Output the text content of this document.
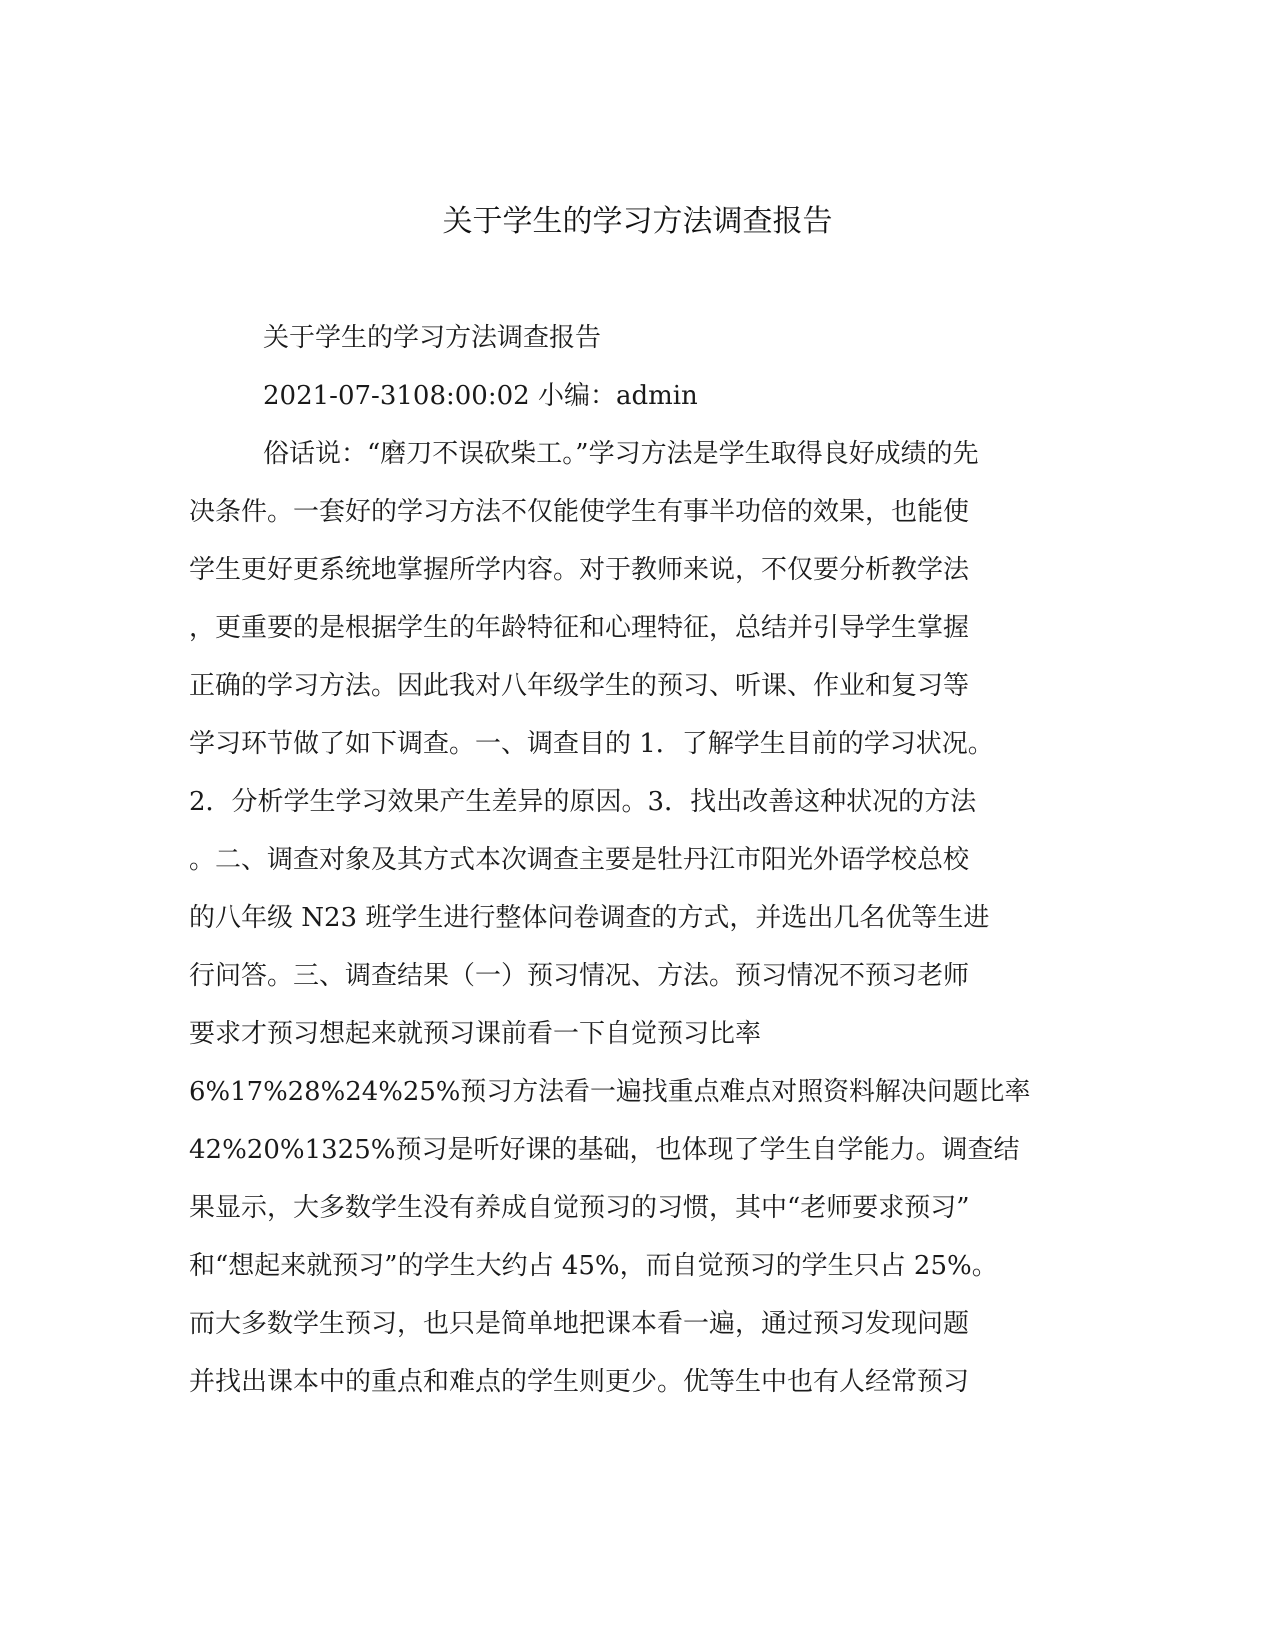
关于学生的学习方法调查报告
关于学生的学习方法调查报告
2021-07-3108:00:02 小编：admin
俗话说：“磨刀不误砍柴工。”学习方法是学生取得良好成绩的先
决条件。一套好的学习方法不仅能使学生有事半功倍的效果，也能使
学生更好更系统地掌握所学内容。对于教师来说，不仅要分析教学法
，更重要的是根据学生的年龄特征和心理特征，总结并引导学生掌握
正确的学习方法。因此我对八年级学生的预习、听课、作业和复习等
学习环节做了如下调查。一、调查目的 1．了解学生目前的学习状况。
2．分析学生学习效果产生差异的原因。3．找出改善这种状况的方法
。二、调查对象及其方式本次调查主要是牡丹江市阳光外语学校总校
的八年级 N23 班学生进行整体问卷调查的方式，并选出几名优等生进
行问答。三、调查结果（一）预习情况、方法。预习情况不预习老师
要求才预习想起来就预习课前看一下自觉预习比率
6%17%28%24%25%预习方法看一遍找重点难点对照资料解决问题比率
42%20%1325%预习是听好课的基础，也体现了学生自学能力。调查结
果显示，大多数学生没有养成自觉预习的习惯，其中“老师要求预习”
和“想起来就预习”的学生大约占 45%，而自觉预习的学生只占 25%。
而大多数学生预习，也只是简单地把课本看一遍，通过预习发现问题
并找出课本中的重点和难点的学生则更少。优等生中也有人经常预习
